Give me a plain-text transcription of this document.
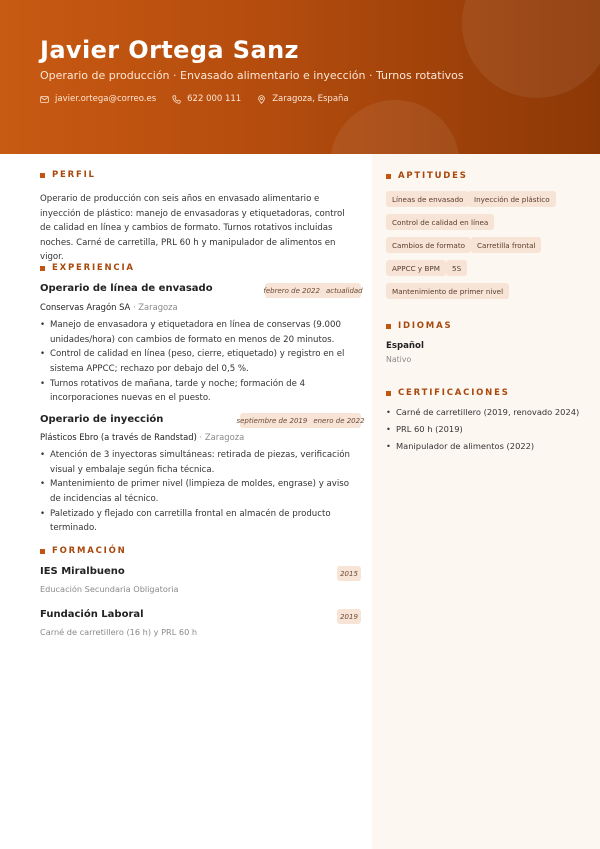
Javier Ortega Sanz
Operario de producción · Envasado alimentario e inyección · Turnos rotativos
javier.ortega@correo.es	622 000 111	Zaragoza, España
PERFIL
Operario de producción con seis años en envasado alimentario e inyección de plástico: manejo de envasadoras y etiquetadoras, control de calidad en línea y cambios de formato. Turnos rotativos incluidas noches. Carné de carretilla, PRL 60 h y manipulador de alimentos en vigor.
EXPERIENCIA
Operario de línea de envasado	febrero de 2022 actualidad
Conservas Aragón SA · Zaragoza
• Manejo de envasadora y etiquetadora en línea de conservas (9.000 unidades/hora) con cambios de formato en menos de 20 minutos.
• Control de calidad en línea (peso, cierre, etiquetado) y registro en el sistema APPCC; rechazo por debajo del 0,5 %.
• Turnos rotativos de mañana, tarde y noche; formación de 4 incorporaciones nuevas en el puesto.
Operario de inyección	septiembre de 2019 enero de 2022
Plásticos Ebro (a través de Randstad) · Zaragoza
• Atención de 3 inyectoras simultáneas: retirada de piezas, verificación visual y embalaje según ficha técnica.
• Mantenimiento de primer nivel (limpieza de moldes, engrase) y aviso de incidencias al técnico.
• Paletizado y flejado con carretilla frontal en almacén de producto terminado.
FORMACIÓN
IES Miralbueno	2015
Educación Secundaria Obligatoria
Fundación Laboral	2019
Carné de carretillero (16 h) y PRL 60 h
APTITUDES
Líneas de envasado	Inyección de plástico
Control de calidad en línea
Cambios de formato	Carretilla frontal
APPCC y BPM	5S
Mantenimiento de primer nivel
IDIOMAS
Español
Nativo
CERTIFICACIONES
• Carné de carretillero (2019, renovado 2024)
• PRL 60 h (2019)
• Manipulador de alimentos (2022)
